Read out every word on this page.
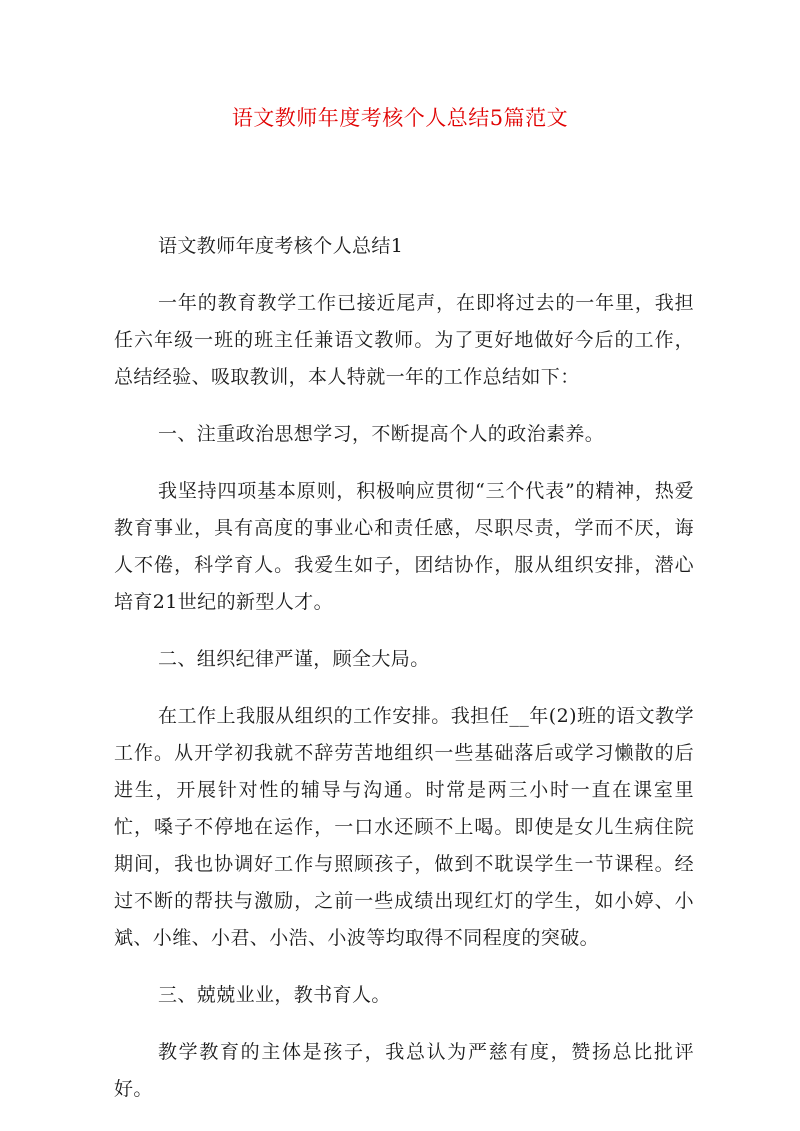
语文教师年度考核个人总结5篇范文

语文教师年度考核个人总结1

一年的教育教学工作已接近尾声，在即将过去的一年里，我担任六年级一班的班主任兼语文教师。为了更好地做好今后的工作，总结经验、吸取教训，本人特就一年的工作总结如下：

一、注重政治思想学习，不断提高个人的政治素养。

我坚持四项基本原则，积极响应贯彻“三个代表”的精神，热爱教育事业，具有高度的事业心和责任感，尽职尽责，学而不厌，诲人不倦，科学育人。我爱生如子，团结协作，服从组织安排，潜心培育21世纪的新型人才。

二、组织纪律严谨，顾全大局。

在工作上我服从组织的工作安排。我担任__年(2)班的语文教学工作。从开学初我就不辞劳苦地组织一些基础落后或学习懒散的后进生，开展针对性的辅导与沟通。时常是两三小时一直在课室里忙，嗓子不停地在运作，一口水还顾不上喝。即使是女儿生病住院期间，我也协调好工作与照顾孩子，做到不耽误学生一节课程。经过不断的帮扶与激励，之前一些成绩出现红灯的学生，如小婷、小斌、小维、小君、小浩、小波等均取得不同程度的突破。

三、兢兢业业，教书育人。

教学教育的主体是孩子，我总认为严慈有度，赞扬总比批评好。
